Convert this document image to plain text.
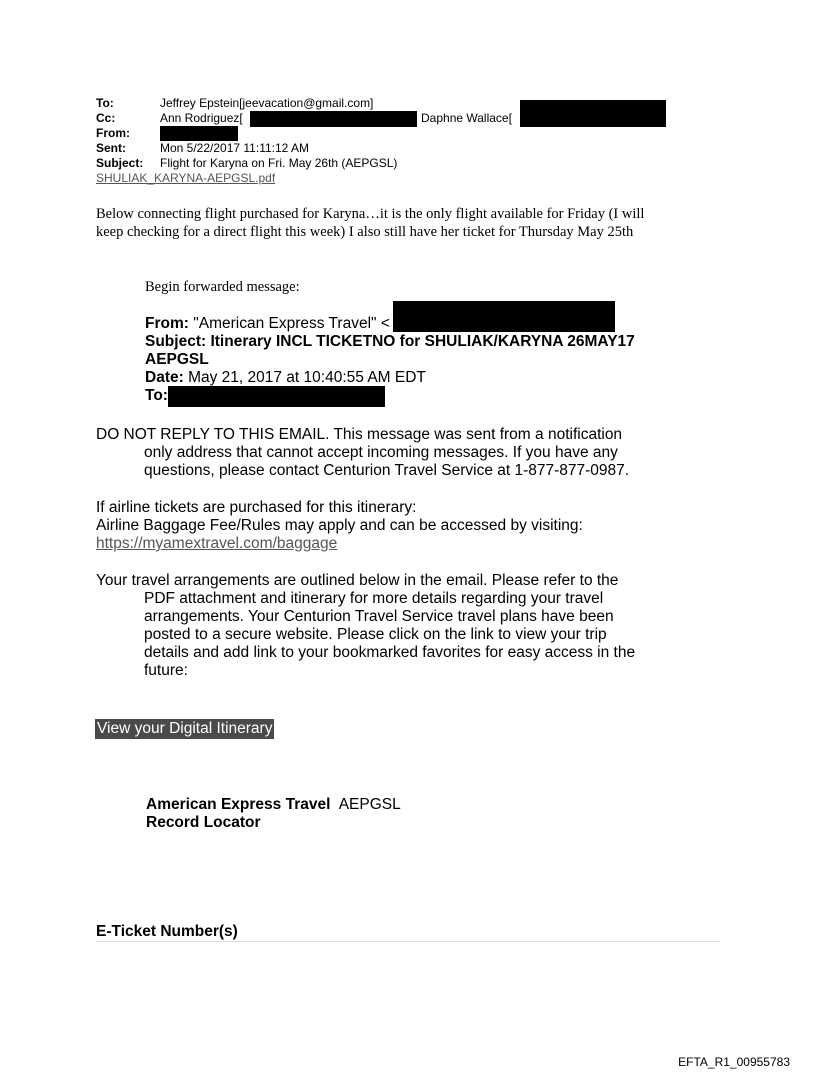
To:	Jeffrey Epstein[jeevacation@gmail.com]
Cc:	Ann Rodriguez[	Daphne Wallace[
From:
Sent:	Mon 5/22/2017 11:11:12 AM
Subject: Flight for Karyna on Fri. May 26th (AEPGSL)
SHULIAK_KARYNA-AEPGSL.pdf
Below connecting flight purchased for Karyna…it is the only flight available for Friday (I will
keep checking for a direct flight this week) I also still have her ticket for Thursday May 25th
Begin forwarded message:
From: "American Express Travel" <
Subject: Itinerary INCL TICKETNO for SHULIAK/KARYNA 26MAY17
AEPGSL
Date: May 21, 2017 at 10:40:55 AM EDT
To:
DO NOT REPLY TO THIS EMAIL. This message was sent from a notification
only address that cannot accept incoming messages. If you have any
questions, please contact Centurion Travel Service at 1-877-877-0987.
If airline tickets are purchased for this itinerary:
Airline Baggage Fee/Rules may apply and can be accessed by visiting:
https://myamextravel.com/baggage
Your travel arrangements are outlined below in the email. Please refer to the
PDF attachment and itinerary for more details regarding your travel
arrangements. Your Centurion Travel Service travel plans have been
posted to a secure website. Please click on the link to view your trip
details and add link to your bookmarked favorites for easy access in the
future:
View your Digital Itinerary
American Express Travel AEPGSL
Record Locator
E-Ticket Number(s)
EFTA_R1_00955783
